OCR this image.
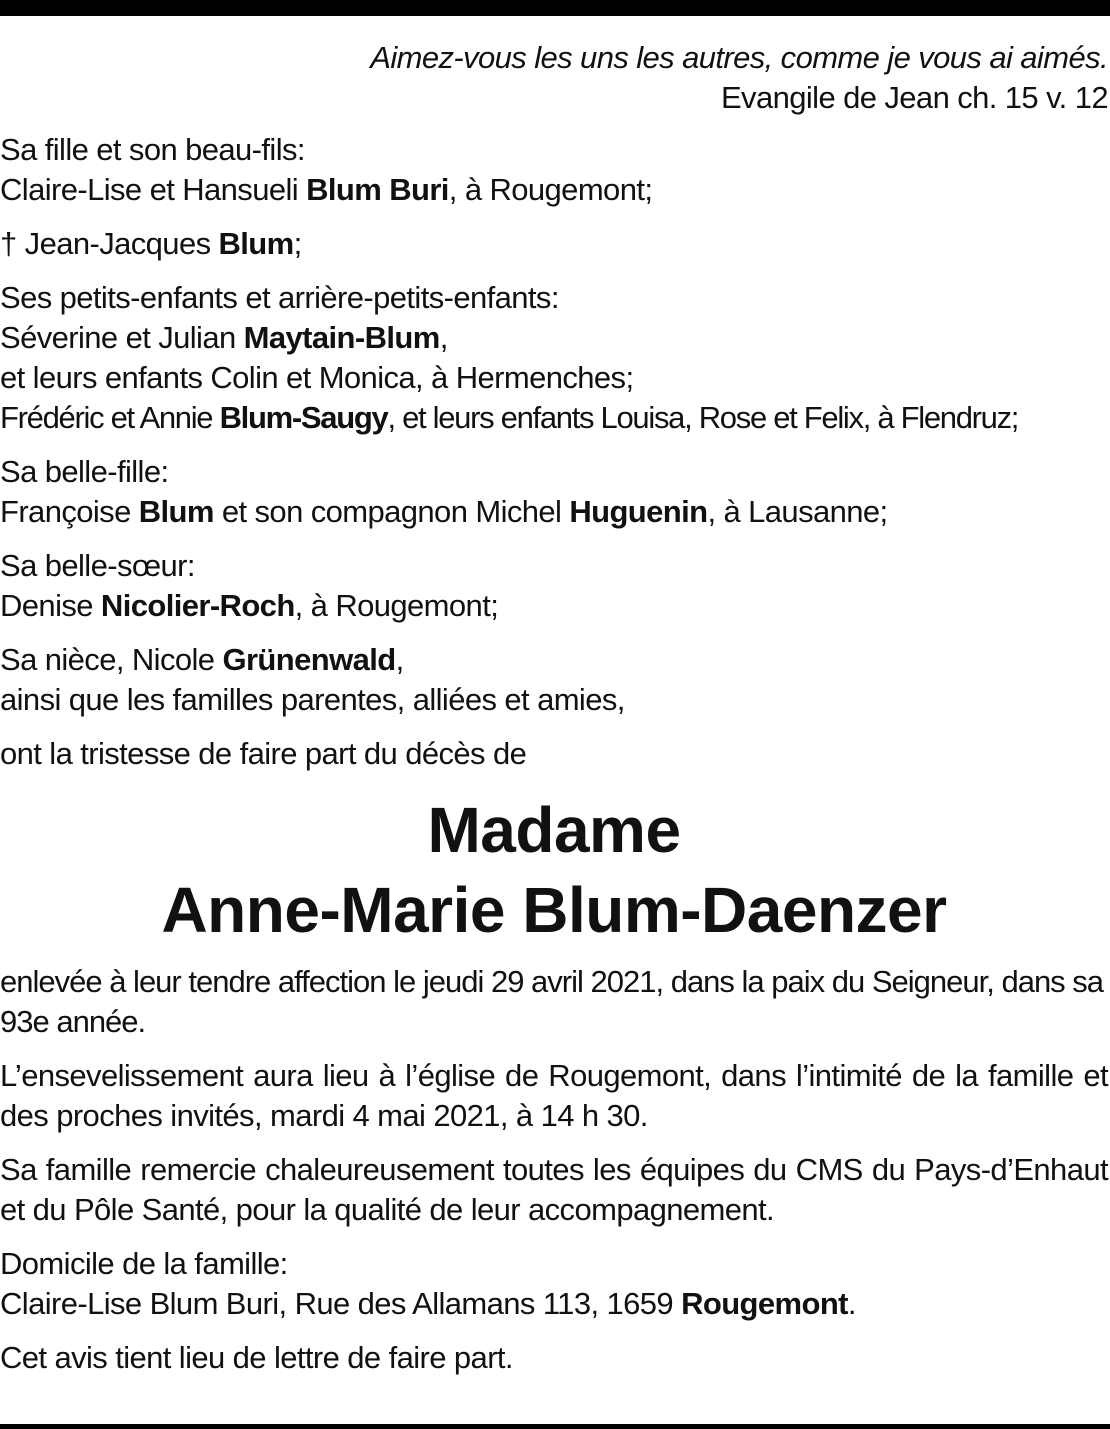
Aimez-vous les uns les autres, comme je vous ai aimés.

Evangile de Jean ch. 15 v. 12

Sa fille et son beau-fils:
Claire-Lise et Hansueli Blum Buri, à Rougemont;

† Jean-Jacques Blum;

Ses petits-enfants et arrière-petits-enfants:
Séverine et Julian Maytain-Blum,
et leurs enfants Colin et Monica, à Hermenches;
Frédéric et Annie Blum-Saugy, et leurs enfants Louisa, Rose et Felix, à Flendruz;

Sa belle-fille:
Françoise Blum et son compagnon Michel Huguenin, à Lausanne;

Sa belle-sœur:
Denise Nicolier-Roch, à Rougemont;

Sa nièce, Nicole Grünenwald,
ainsi que les familles parentes, alliées et amies,

ont la tristesse de faire part du décès de

Madame
Anne-Marie Blum-Daenzer

enlevée à leur tendre affection le jeudi 29 avril 2021, dans la paix du Seigneur, dans sa 93e année.

L’ensevelissement aura lieu à l’église de Rougemont, dans l’intimité de la famille et des proches invités, mardi 4 mai 2021, à 14 h 30.

Sa famille remercie chaleureusement toutes les équipes du CMS du Pays-d’Enhaut et du Pôle Santé, pour la qualité de leur accompagnement.

Domicile de la famille:
Claire-Lise Blum Buri, Rue des Allamans 113, 1659 Rougemont.

Cet avis tient lieu de lettre de faire part.
